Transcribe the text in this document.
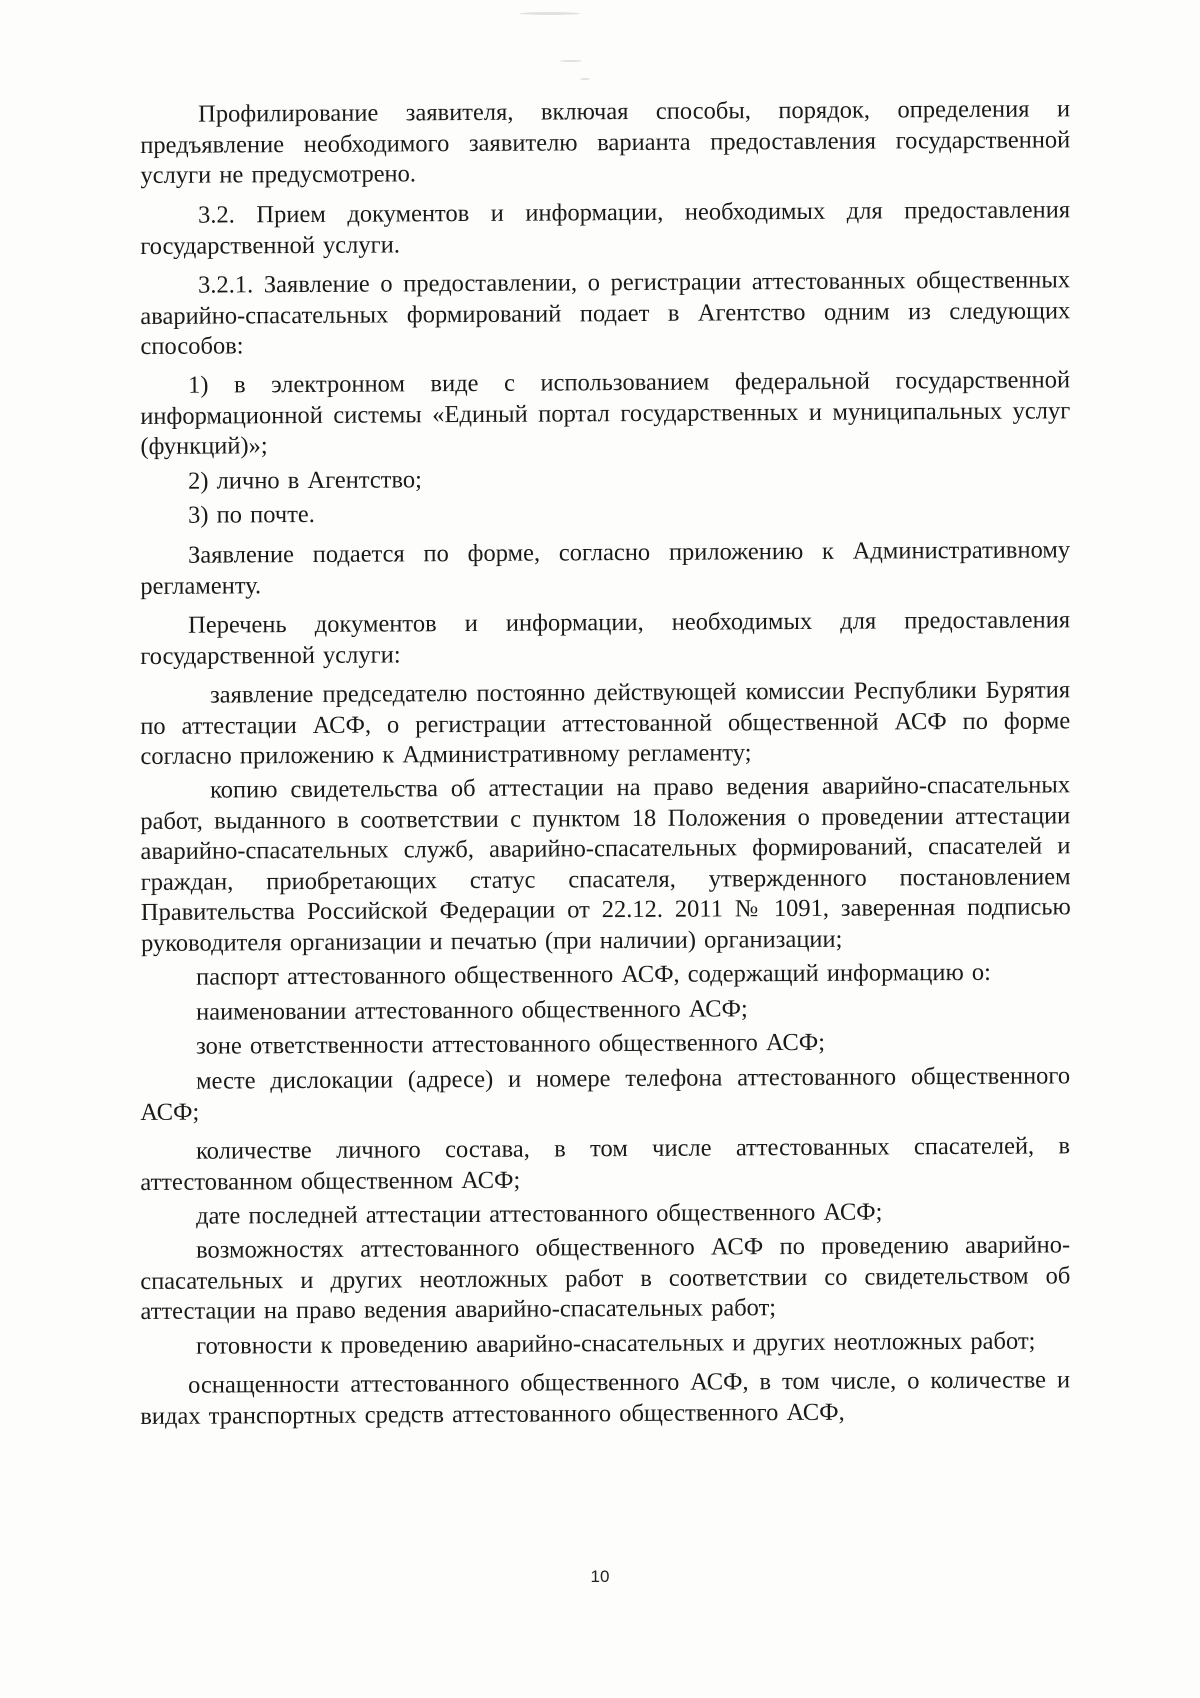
Профилирование заявителя, включая способы, порядок, определения и предъявление необходимого заявителю варианта предоставления государственной услуги не предусмотрено.

3.2. Прием документов и информации, необходимых для предоставления государственной услуги.

3.2.1. Заявление о предоставлении, о регистрации аттестованных общественных аварийно-спасательных формирований подает в Агентство одним из следующих способов:

1) в электронном виде с использованием федеральной государственной информационной системы «Единый портал государственных и муниципальных услуг (функций)»;

2) лично в Агентство;

3) по почте.

Заявление подается по форме, согласно приложению к Административному регламенту.

Перечень документов и информации, необходимых для предоставления государственной услуги:

заявление председателю постоянно действующей комиссии Республики Бурятия по аттестации АСФ, о регистрации аттестованной общественной АСФ по форме согласно приложению к Административному регламенту;

копию свидетельства об аттестации на право ведения аварийно-спасательных работ, выданного в соответствии с пунктом 18 Положения о проведении аттестации аварийно-спасательных служб, аварийно-спасательных формирований, спасателей и граждан, приобретающих статус спасателя, утвержденного постановлением Правительства Российской Федерации от 22.12. 2011 № 1091, заверенная подписью руководителя организации и печатью (при наличии) организации;

паспорт аттестованного общественного АСФ, содержащий информацию о:

наименовании аттестованного общественного АСФ;

зоне ответственности аттестованного общественного АСФ;

месте дислокации (адресе) и номере телефона аттестованного общественного АСФ;

количестве личного состава, в том числе аттестованных спасателей, в аттестованном общественном АСФ;

дате последней аттестации аттестованного общественного АСФ;

возможностях аттестованного общественного АСФ по проведению аварийно-спасательных и других неотложных работ в соответствии со свидетельством об аттестации на право ведения аварийно-спасательных работ;

готовности к проведению аварийно-снасательных и других неотложных работ;

оснащенности аттестованного общественного АСФ, в том числе, о количестве и видах транспортных средств аттестованного общественного АСФ,

10
